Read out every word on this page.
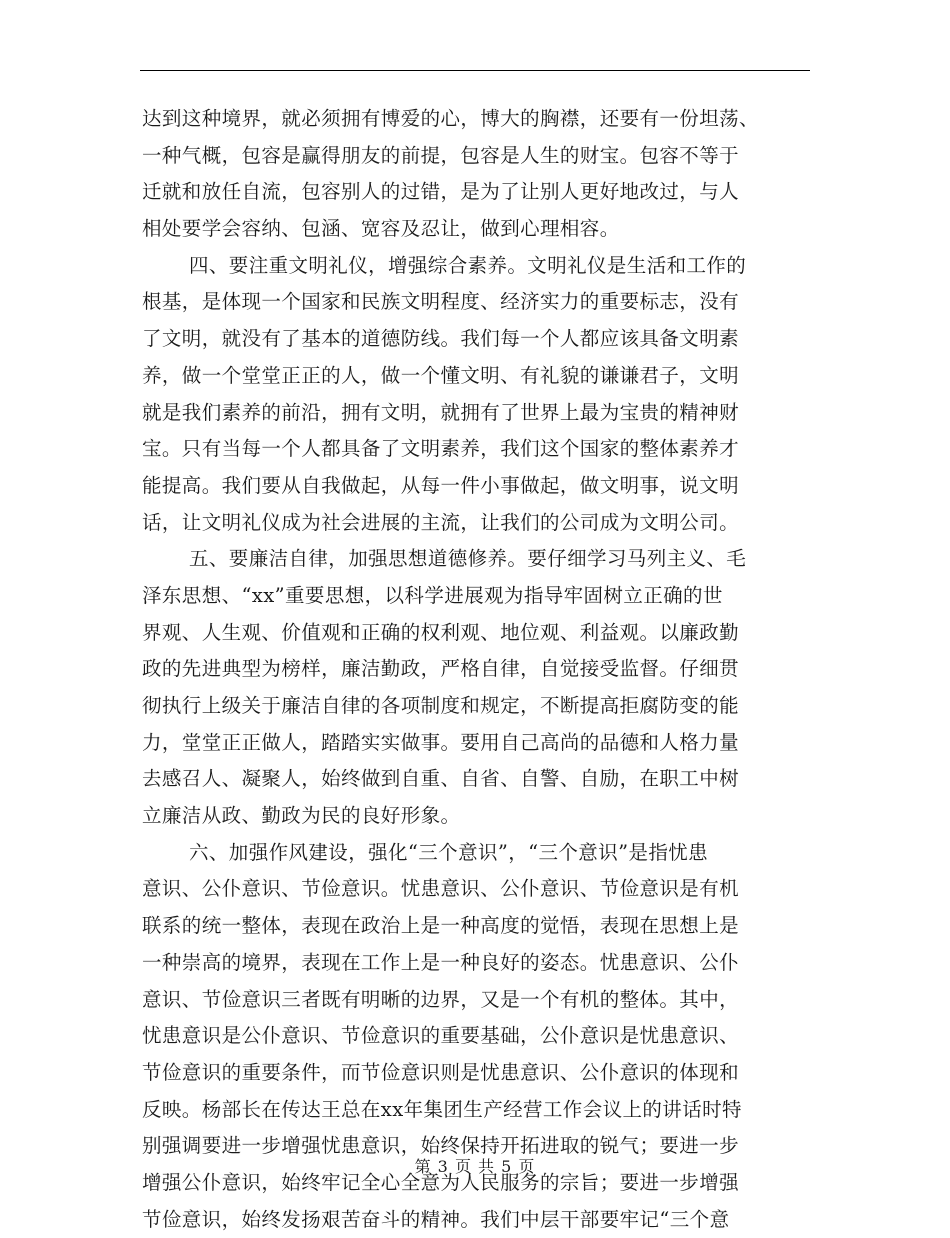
达到这种境界，就必须拥有博爱的心，博大的胸襟，还要有一份坦荡、
一种气概，包容是赢得朋友的前提，包容是人生的财宝。包容不等于
迁就和放任自流，包容别人的过错，是为了让别人更好地改过，与人
相处要学会容纳、包涵、宽容及忍让，做到心理相容。
四、要注重文明礼仪，增强综合素养。文明礼仪是生活和工作的
根基，是体现一个国家和民族文明程度、经济实力的重要标志，没有
了文明，就没有了基本的道德防线。我们每一个人都应该具备文明素
养，做一个堂堂正正的人，做一个懂文明、有礼貌的谦谦君子，文明
就是我们素养的前沿，拥有文明，就拥有了世界上最为宝贵的精神财
宝。只有当每一个人都具备了文明素养，我们这个国家的整体素养才
能提高。我们要从自我做起，从每一件小事做起，做文明事，说文明
话，让文明礼仪成为社会进展的主流，让我们的公司成为文明公司。
五、要廉洁自律，加强思想道德修养。要仔细学习马列主义、毛
泽东思想、“xx”重要思想，以科学进展观为指导牢固树立正确的世
界观、人生观、价值观和正确的权利观、地位观、利益观。以廉政勤
政的先进典型为榜样，廉洁勤政，严格自律，自觉接受监督。仔细贯
彻执行上级关于廉洁自律的各项制度和规定，不断提高拒腐防变的能
力，堂堂正正做人，踏踏实实做事。要用自己高尚的品德和人格力量
去感召人、凝聚人，始终做到自重、自省、自警、自励，在职工中树
立廉洁从政、勤政为民的良好形象。
六、加强作风建设，强化“三个意识”，“三个意识”是指忧患
意识、公仆意识、节俭意识。忧患意识、公仆意识、节俭意识是有机
联系的统一整体，表现在政治上是一种高度的觉悟，表现在思想上是
一种崇高的境界，表现在工作上是一种良好的姿态。忧患意识、公仆
意识、节俭意识三者既有明晰的边界，又是一个有机的整体。其中，
忧患意识是公仆意识、节俭意识的重要基础，公仆意识是忧患意识、
节俭意识的重要条件，而节俭意识则是忧患意识、公仆意识的体现和
反映。杨部长在传达王总在xx年集团生产经营工作会议上的讲话时特
别强调要进一步增强忧患意识，始终保持开拓进取的锐气；要进一步
增强公仆意识，始终牢记全心全意为人民服务的宗旨；要进一步增强
节俭意识，始终发扬艰苦奋斗的精神。我们中层干部要牢记“三个意
第 3 页 共 5 页
